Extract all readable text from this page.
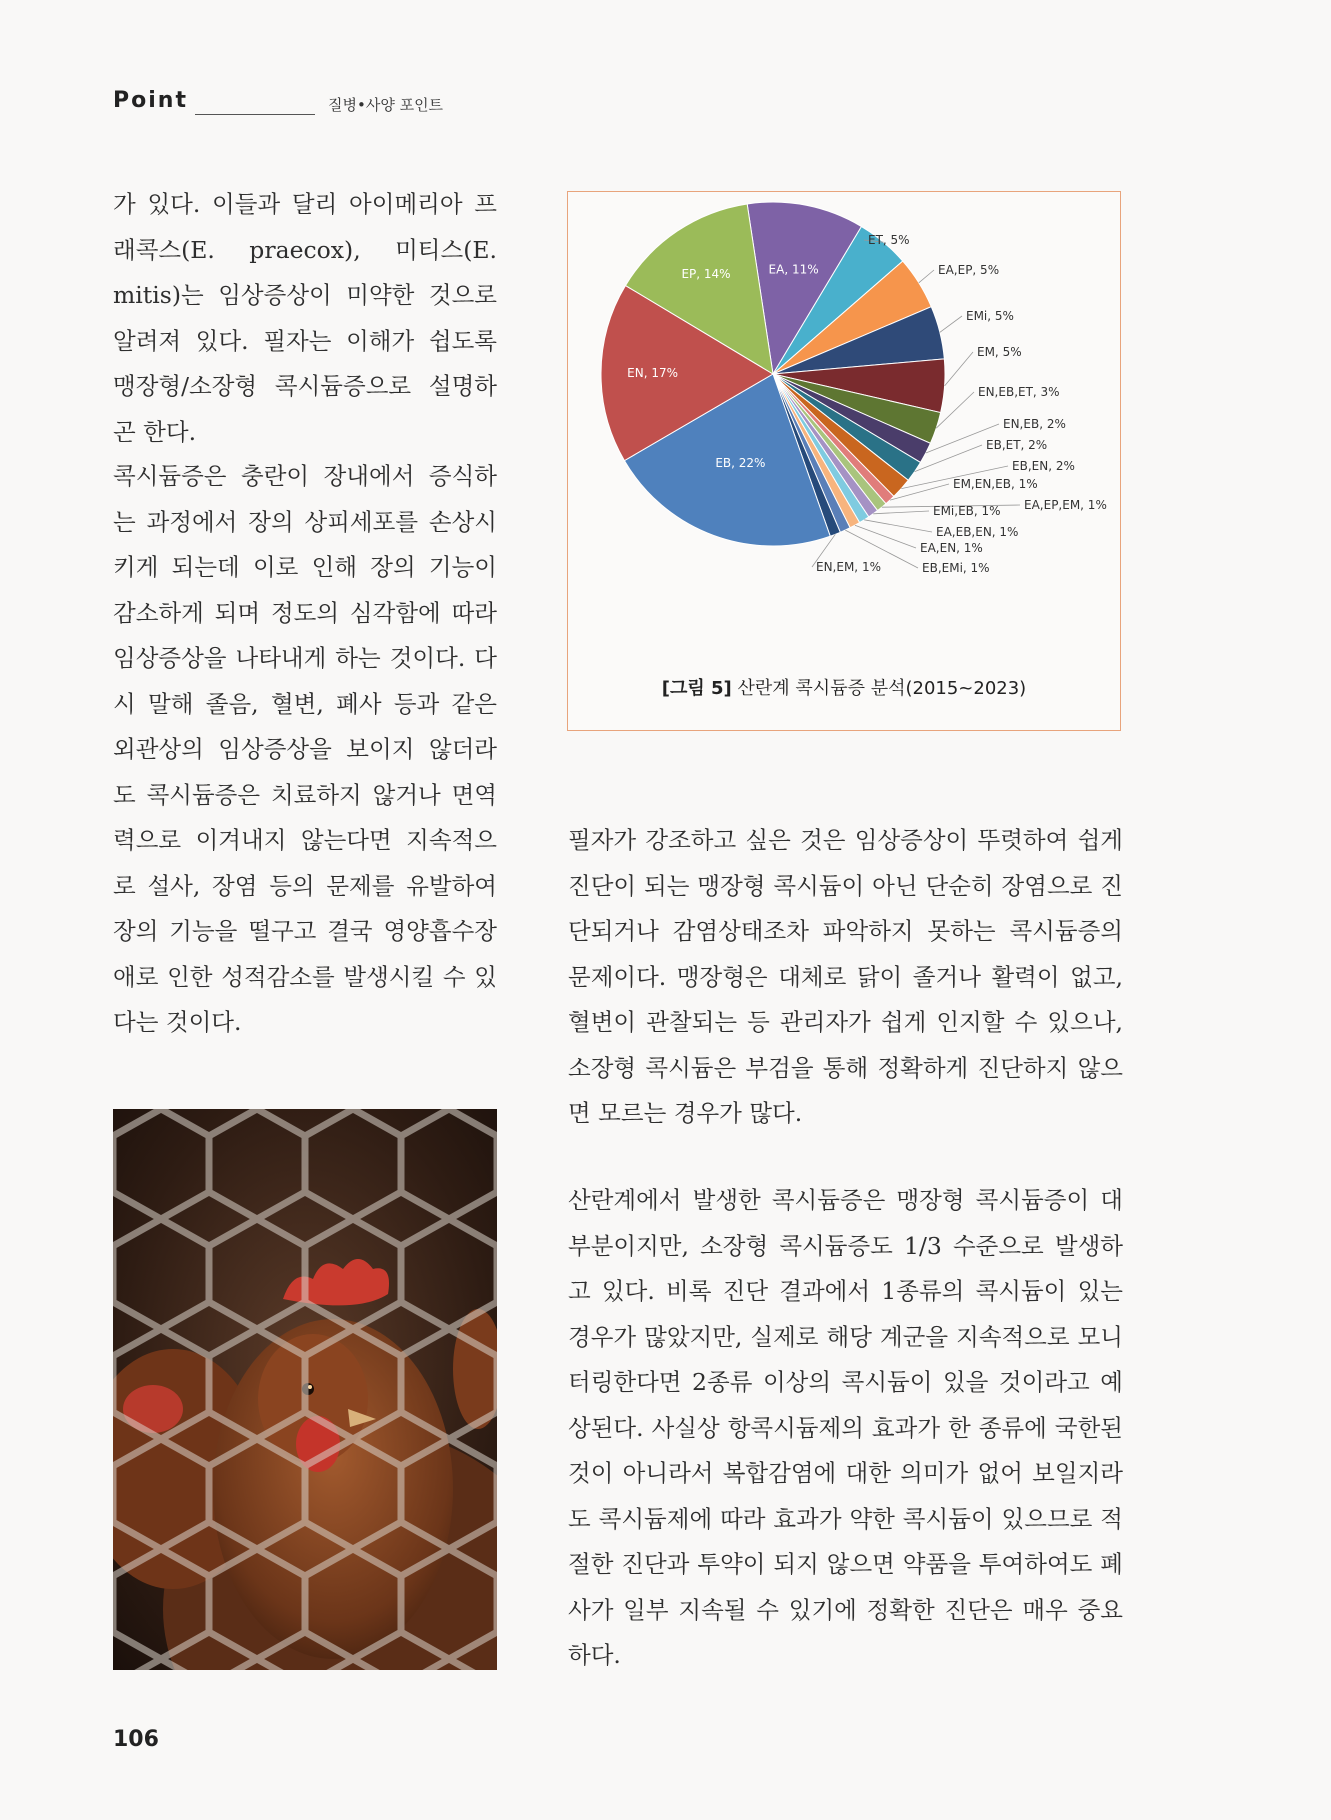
Point	질병•사양 포인트

가 있다. 이들과 달리 아이메리아 프래콕스(E. praecox), 미티스(E. mitis)는 임상증상이 미약한 것으로 알려져 있다. 필자는 이해가 쉽도록 맹장형/소장형 콕시듐증으로 설명하곤 한다.

콕시듐증은 충란이 장내에서 증식하는 과정에서 장의 상피세포를 손상시키게 되는데 이로 인해 장의 기능이 감소하게 되며 정도의 심각함에 따라 임상증상을 나타내게 하는 것이다. 다시 말해 졸음, 혈변, 폐사 등과 같은 외관상의 임상증상을 보이지 않더라도 콕시듐증은 치료하지 않거나 면역력으로 이겨내지 않는다면 지속적으로 설사, 장염 등의 문제를 유발하여 장의 기능을 떨구고 결국 영양흡수장애로 인한 성적감소를 발생시킬 수 있다는 것이다.

EA, 11%
ET, 5%
EA,EP, 5%
EMi, 5%
EM, 5%
EN,EB,ET, 3%
EN,EB, 2%
EB,ET, 2%
EB,EN, 2%
EM,EN,EB, 1%
EA,EP,EM, 1%
EMi,EB, 1%
EA,EB,EN, 1%
EA,EN, 1%
EB,EMi, 1%
EN,EM, 1%
EB, 22%
EN, 17%
EP, 14%
[그림 5] 산란계 콕시듐증 분석(2015~2023)

필자가 강조하고 싶은 것은 임상증상이 뚜렷하여 쉽게 진단이 되는 맹장형 콕시듐이 아닌 단순히 장염으로 진단되거나 감염상태조차 파악하지 못하는 콕시듐증의 문제이다. 맹장형은 대체로 닭이 졸거나 활력이 없고, 혈변이 관찰되는 등 관리자가 쉽게 인지할 수 있으나, 소장형 콕시듐은 부검을 통해 정확하게 진단하지 않으면 모르는 경우가 많다.

산란계에서 발생한 콕시듐증은 맹장형 콕시듐증이 대부분이지만, 소장형 콕시듐증도 1/3 수준으로 발생하고 있다. 비록 진단 결과에서 1종류의 콕시듐이 있는 경우가 많았지만, 실제로 해당 계군을 지속적으로 모니터링한다면 2종류 이상의 콕시듐이 있을 것이라고 예상된다. 사실상 항콕시듐제의 효과가 한 종류에 국한된 것이 아니라서 복합감염에 대한 의미가 없어 보일지라도 콕시듐제에 따라 효과가 약한 콕시듐이 있으므로 적절한 진단과 투약이 되지 않으면 약품을 투여하여도 폐사가 일부 지속될 수 있기에 정확한 진단은 매우 중요하다.

106
